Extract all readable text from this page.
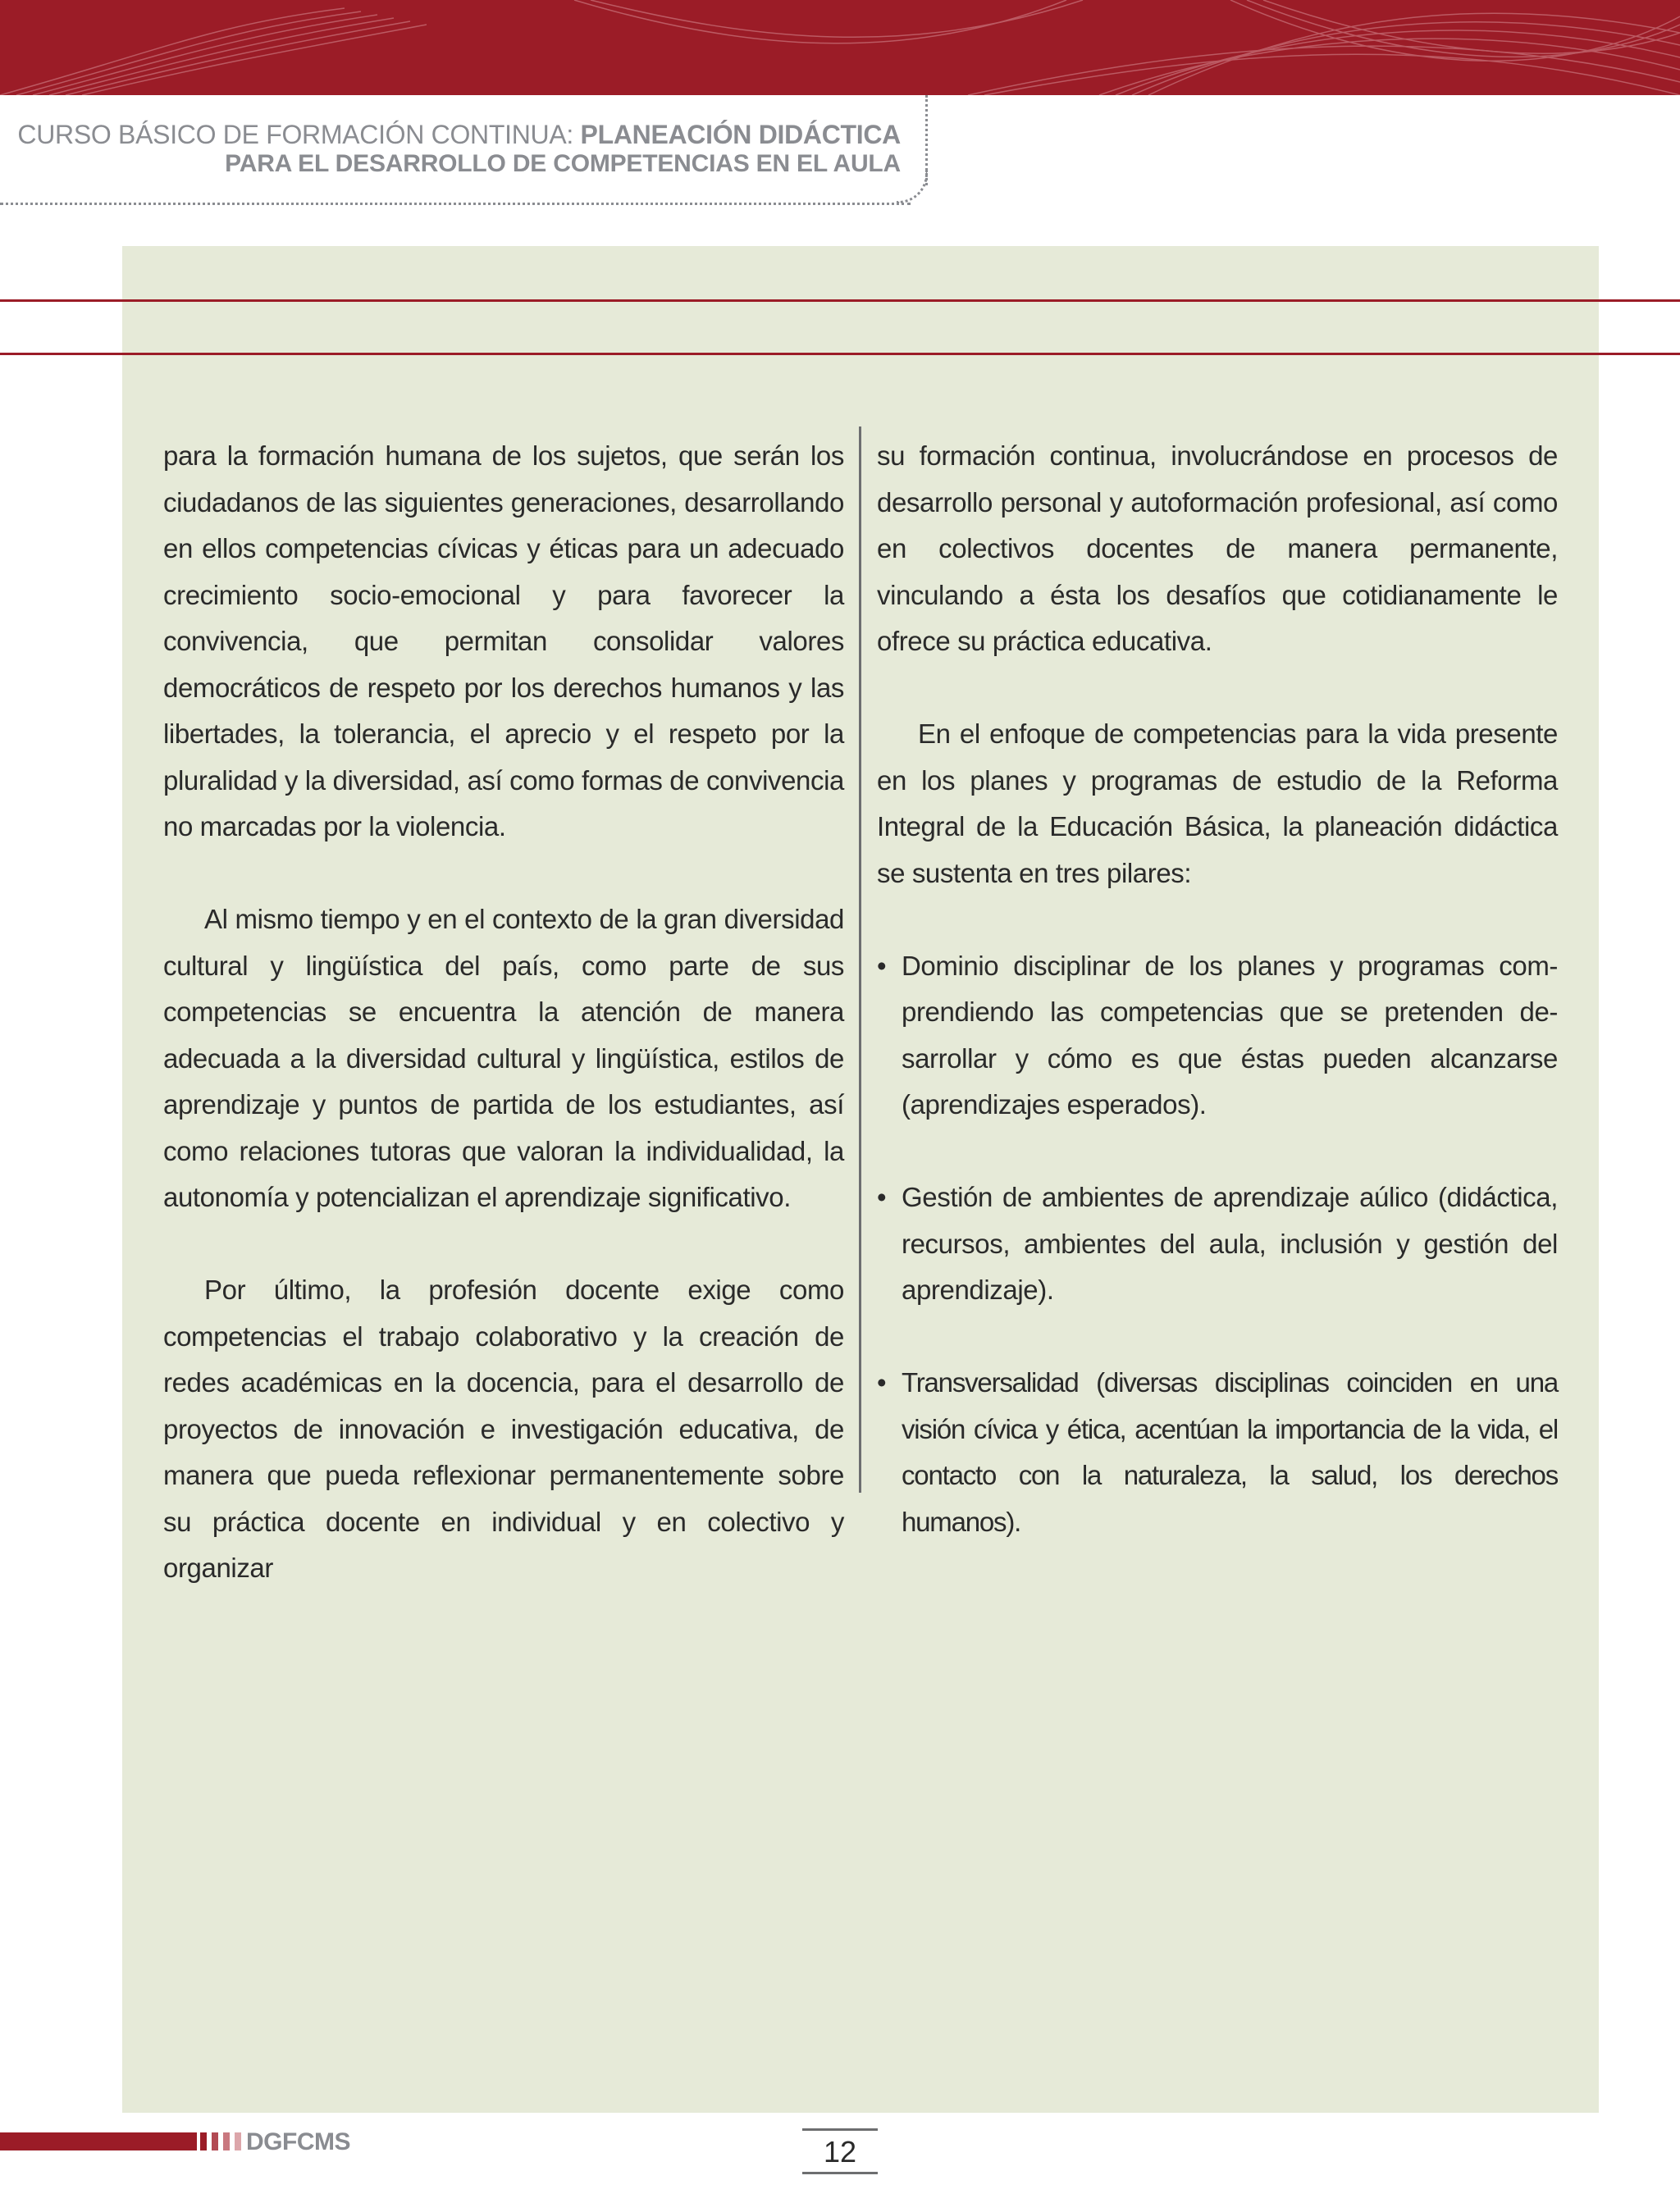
CURSO BÁSICO DE FORMACIÓN CONTINUA: PLANEACIÓN DIDÁCTICA
PARA EL DESARROLLO DE COMPETENCIAS EN EL AULA

para la formación humana de los sujetos, que serán los ciudadanos de las siguientes generaciones, desarrollando en ellos competencias cívicas y éticas para un adecuado crecimiento socio-emocional y para favorecer la convivencia, que permitan consolidar valores democráticos de respeto por los derechos humanos y las libertades, la tolerancia, el aprecio y el respeto por la pluralidad y la diversidad, así como formas de convivencia no marcadas por la violencia.

Al mismo tiempo y en el contexto de la gran diversidad cultural y lingüística del país, como parte de sus competencias se encuentra la atención de manera adecuada a la diversidad cultural y lingüística, estilos de aprendizaje y puntos de partida de los estudiantes, así como relaciones tutoras que valoran la individualidad, la autonomía y potencializan el aprendizaje significativo.

Por último, la profesión docente exige como competencias el trabajo colaborativo y la creación de redes académicas en la docencia, para el desarrollo de proyectos de innovación e investigación educativa, de manera que pueda reflexionar permanentemente sobre su práctica docente en individual y en colectivo y organizar

su formación continua, involucrándose en procesos de desarrollo personal y autoformación profesional, así como en colectivos docentes de manera permanente, vinculando a ésta los desafíos que cotidianamente le ofrece su práctica educativa.

En el enfoque de competencias para la vida presente en los planes y programas de estudio de la Reforma Integral de la Educación Básica, la planeación didáctica se sustenta en tres pilares:

• Dominio disciplinar de los planes y programas com-prendiendo las competencias que se pretenden de-sarrollar y cómo es que éstas pueden alcanzarse (aprendizajes esperados).

• Gestión de ambientes de aprendizaje aúlico (didáctica, recursos, ambientes del aula, inclusión y gestión del aprendizaje).

• Transversalidad (diversas disciplinas coinciden en una visión cívica y ética, acentúan la importancia de la vida, el contacto con la naturaleza, la salud, los derechos humanos).

DGFCMS	12
